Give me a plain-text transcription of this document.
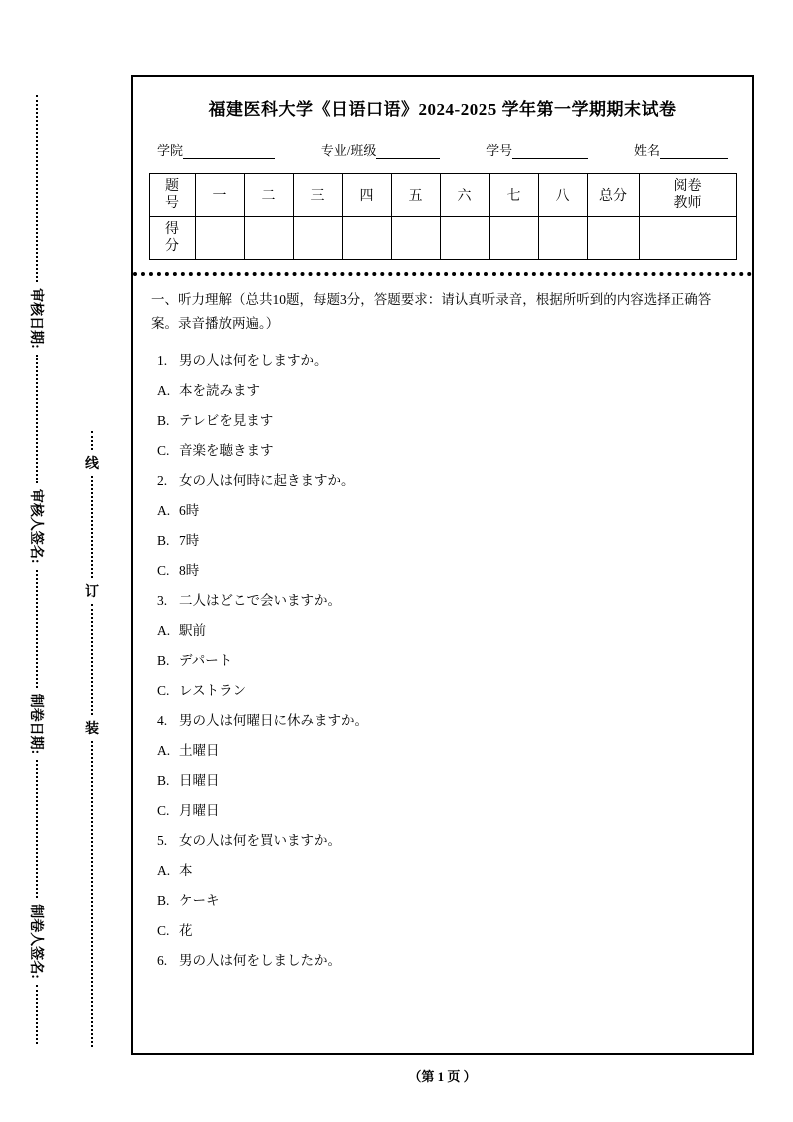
审核日期:
审核人签名:
制卷日期:
制卷人签名:
线
订
装
福建医科大学《日语口语》2024-2025 学年第一学期期末试卷
学院	专业/班级	学号	姓名
题号	一	二	三	四	五	六	七	八	总分	阅卷教师
得分										

一、听力理解（总共10题，每题3分，答题要求：请认真听录音，根据所听到的内容选择正确答案。录音播放两遍。）

1. 男の人は何をしますか。
A. 本を読みます
B. テレビを見ます
C. 音楽を聴きます
2. 女の人は何時に起きますか。
A. 6時
B. 7時
C. 8時
3. 二人はどこで会いますか。
A. 駅前
B. デパート
C. レストラン
4. 男の人は何曜日に休みますか。
A. 土曜日
B. 日曜日
C. 月曜日
5. 女の人は何を買いますか。
A. 本
B. ケーキ
C. 花
6. 男の人は何をしましたか。
（第 1 页 ）
